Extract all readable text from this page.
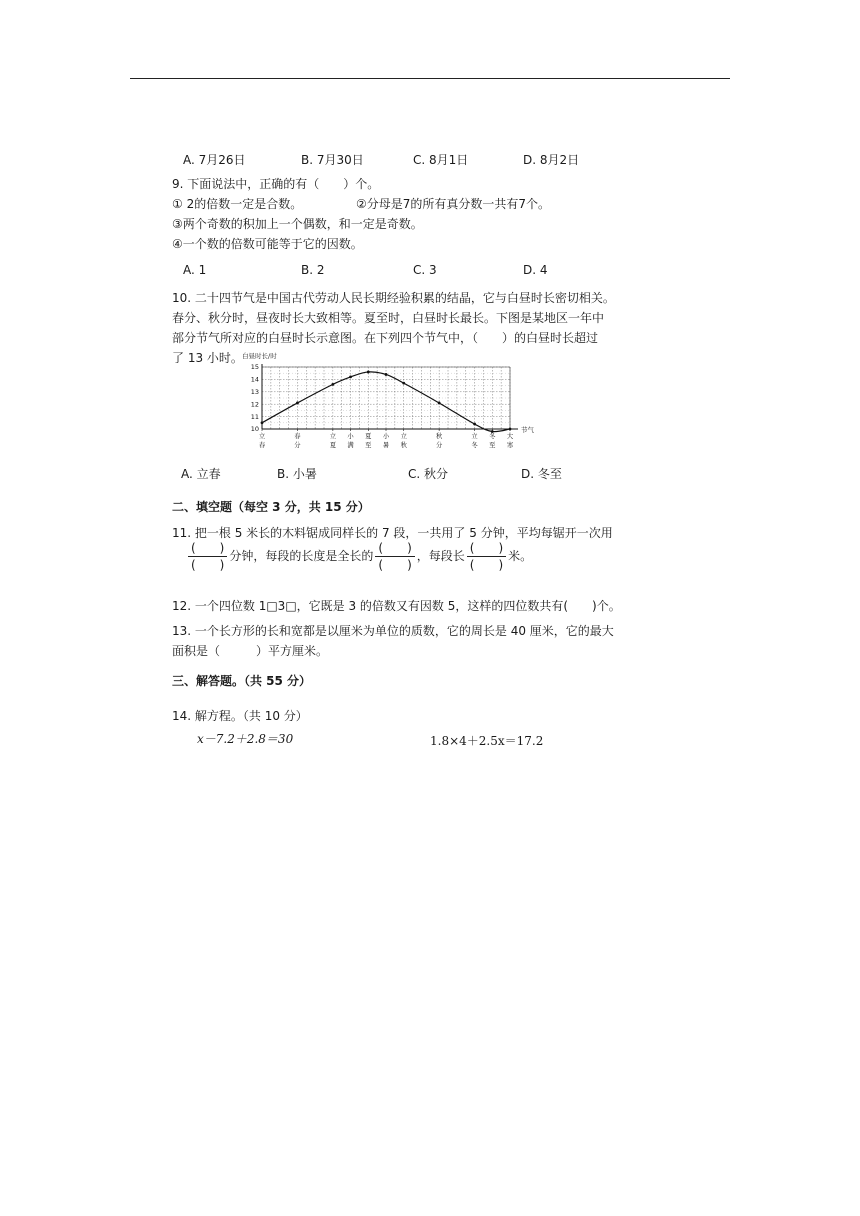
A. 7月26日	B. 7月30日	C. 8月1日	D. 8月2日
9. 下面说法中，正确的有（　　）个。
① 2的倍数一定是合数。	②分母是7的所有真分数一共有7个。
③两个奇数的积加上一个偶数，和一定是奇数。
④一个数的倍数可能等于它的因数。
A. 1	B. 2	C. 3	D. 4
10. 二十四节气是中国古代劳动人民长期经验积累的结晶，它与白昼时长密切相关。
春分、秋分时，昼夜时长大致相等。夏至时，白昼时长最长。下图是某地区一年中
部分节气所对应的白昼时长示意图。在下列四个节气中，（　　）的白昼时长超过
了 13 小时。 白昼时长/时
节气
10
11
12
13
14
15
立春
春分
立夏
小满
夏至
小暑
立秋
秋分
立冬
冬至
大寒
A. 立春	B. 小暑	C. 秋分	D. 冬至
二、填空题（每空 3 分，共 15 分）
11. 把一根 5 米长的木料锯成同样长的 7 段，一共用了 5 分钟，平均每锯开一次用
$\frac{( )}{( )}$ 分钟，每段的长度是全长的 $\frac{( )}{( )}$ ，每段长 $\frac{( )}{( )}$ 米。
12. 一个四位数 1□3□，它既是 3 的倍数又有因数 5，这样的四位数共有(　　)个。
13. 一个长方形的长和宽都是以厘米为单位的质数，它的周长是 40 厘米，它的最大
面积是（　　　）平方厘米。
三、解答题。（共 55 分）
14. 解方程。（共 10 分）
x－7.2＋2.8＝30	1.8×4＋2.5x＝17.2
